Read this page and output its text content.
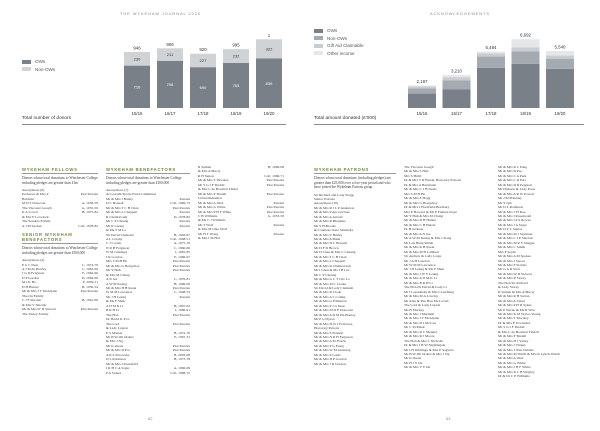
THE WYKEHAM JOURNAL 2020
OWs
Non-OWs
716
230
946
15/16
798
211
906
16/17
690
227
920
17/18
763
232
995
18/19
839
322
1
19/20
Total number of donors
WYKEHAM FELLOWS
Donors whose total donations to Winchester College including pledges are greater than £1m
Anonymous (6)
Professor & Mrs P	Past Parents
Baldwin
M D S Donovan	A, 1956-59
The Viscount Gough	G, 1955-59
K A Lovett	B, 1975-82
& Mrs E Lovelock
The Sanders Family
A J M Spokes	Coll, 1978-82
SENIOR WYKEHAM BENEFACTORS
Donors whose total donations to Winchester College including pledges are greater than £500,000
Anonymous (2)
P G C Dear	C, 1974-79
A J M du Boulay	C, 1963-66
J G D Ferguson	E, 1962-66
D P Gordon	D, 1964-69
M J K Ho	F, 2009-11
D H Hunter	B, 1950-54
Mr & Mrs J T McAlpine	Past Parents
The Ou Family
C J F Sinclair	B, 1961-66
& Mrs V Sinclair
Mr & Mrs W D Stewart	Past Parents
The Varley Family
WYKEHAM BENEFACTORS
Donors whose total donations to Winchester College including pledges are greater than £100,000
Anonymous (7)
Al Gosaibi Sports Fund Committee
Mr & Mrs J Bailey	Parents
D C Bonsall	Coll, 1999-73
Mr & Mrs T C H Chan	Past Parents
Mr & Mrs L Chappell	Parents
R Chatikavanij	D, 1978-82
Mr C P Cheung	Parents
Mr R Chong	Parents
& Ms T M Lo
Sir David Clementi	B, 1962-67
A L Colahy	Coll, 1948-51
C J Corner	A, 1975-79
N R H Ferguson	C, 1960-66
W M Ginsberg	I, 1981-85
J R Gordon	E, 1966-67
Mrs S M H Ho	Past Parents
Mr & Mrs G Hongchoy	Past Parents
Mr Y Huh	Past Parents
& Mrs M Chung
A N Jee	C, 1976-81
A W M Kuang	B, 1996-00
Mr & Mrs H H Kuok	Past Parents
W M M Lawrence	C, 1948-53
Mr J H Leung	Parents
& Ms F Shek
A D M K Li	B, 1997-02
B R H Li	I, 1986-91
The Hon	Past Parents
Dr David K P Li
The Lord	Past Parents
& Lady Lupton
E S Manser	B, 1972-76
Mr B W-Oh Orders	E, 1967-72
& Mrs J Ng
Mr K Ouala	Past Parents
Mr & Mrs D Poi	Past Parents
A R Z Potowsky	B, 2002-08
D L Robinson	B, 1973-78
Mr & Mrs I Rosenfeld
J R H C A Sager	A, 1966-69
P A Stokes	Coll, 1968-72
R Sumak	H, 1999-08
& Mrs A Mucty
R H Sutton	Coll, 1966-71
Mr & Mrs T Thwaley	Past Parents
Mr S G I F Tindall	Past Parents
& Mrs C de Bowmal Tindal
Mr & Mrs P Tindall	Past Parents
Usbweimansthal
Mr & Mrs A West	Parents
Mr & Mrs G White	Past Parents
Mr & Mrs P H F White	Past Parents
C B Williams	G, 1953-58
& Ms C J Williams
Mr T Wolf	Parents
& Mrs M Chie-Wolf
Mr H T Wong	Parents
& Mrs I M Hui
62
ACKNOWLEDGEMENTS
OWs
Non-OWs
Gift Aid Claimable
Other income
2,197
15/16
3,210
16/17
5,484
17/18
6,692
18/19
5,540
19/20
Total amount donated (£'000)
WYKEHAM PATRONS
Donors whose total donations (including pledges) are greater than £25,000 over a five-year period and who have joined the Wykeham Patrons group
Sir Richard and Lady Stagg,
Senior Patrons
Anonymous (16)
Mr & Mrs R J L P Anderson
Mr & Mrs P Apcovicluas
Mr & Mrs A Arnold
Mr & Mrs R Bhoptika
Mr S H Brooks
& Countess Ilona Sitteltzky
Mr & Mrs V Bulley
Mr & Mrs A Bunn
Mr & Mrs D C Bonsall
Mr D F D Brown
Mr D Chan & Mrs C Cheung
Mr & Mrs T C H Chan
Mr & Mrs L Chappell
Mr & Mrs R Chatikavanij
Mr I Chen & Ms I H Lee
Mr C P Cheung
Mr & Mrs G C T Cho Lo
Mr & Mrs M C Clarke
Sir David & Lady Clementi
Mr & Mrs R Clode
Mr & Mrs A L Colahy
Mr & Mrs G Edmiston
Mr & Mrs P J G Dear
Mr & Mrs M D E Donovan
Mr & Mrs A D M Du Boulay
Mr P G Dyson
Mr & Mrs D W J Fellowes,
Honorary Patrons
Mr & Mrs S Fennell
Mr & Mrs N R H Ferguson
Mr & Mrs A M Fforde
Mr & Mrs P G Frang
Mr & Mrs W M Ginsberg
Mr & Mrs P Golds
Mr & Mrs D P Gordon
Mr & Mrs J R Gordon
The Viscount Gough
Mr & Mrs S Hall
Mrs S Hubb
Dr & Mrs T R Hands, Honorary Patrons
Dr & Mrs A Hartmann
Mr & Mrs C J H Neale
Mrs S M H Ho
Mr & Mrs E Hogg
Mr & Mrs G Hongchoy
Dr & Mrs J Hornfield-Bradbury
Mrs E Howard & Mr E Fishers-Doye
Mr Y Huh & Mrs M Chung
Mr & Mrs D H Hunter
Mr & Mrs C H Hurrie
Dr H Jackson
Mr & Mrs A N Jee
Mr A W-M Kuang & Mrs J Kong
Mr Lok Hang Walsh
Mr & Mrs K H Kuok
Mr & Mrs M H Lambert
Sir Andrew & Lady Large
Mr J A H Lawdon
Mr W M M Lawrence
Mr J H Leung & Ms F Shek
Mr & Mrs J W Y Leung
Mr & Mrs A D M-K Li
Mr & Mrs B R H Li
The Hon Dr David & Lady Li
Mr I Lopatinsky & Mrs I Landberg
Mr & Mrs M A Lovelay
Mr Alan & The Hon Ms Lovell
The Lord & Lady Lupton
Ms B Mackay
Mr & Mrs J Marshall
Mr & Mrs J T McAlpine
Mr & Mrs D I McCaw
Mr C M Meek
Mr & Mrs R C Mendel
Mr & Mrs R J Moore
The Hon & Mrs C Nicholls
Dr & Mrs J B W Nightingale
Mr I H Odulinga & Mrs E Sagiotto
Mr B W-Oh Orders & Mrs J Ng
Mr K Ouala
Mr H J Y Ou
Mr & Mrs V Y Ou
Mr & Mrs R C Pang
Mr & Mrs D Pao
Mr & Mrs C A Park
Mr & Mrs C R Parr
Mr & Mrs D R Peppiatt
Mr Dickson & Lady Poon
Mr & Mrs A R W Powell
Mr J M Priestley
Mr Y Qin
Mr D L Robinson
Mr & Mrs J Ff Roe
Mr & Mrs I Rosenwald
Mr & Mrs I P S Rowse
Mr & Mrs J A Sager
Mr D T C Santos
Mr & Mrs M J Seymour
Mr & Mrs C J P Sinclair
Mr & Mrs M R S Slugger
Mr & Mrs C Smith
Mrs P Sophi
Mr & Mrs A M Spokes
Mr & Mrs J Spoon
Mr & Mrs F Stables
Mr G A R Stott
Mr & Mrs W D Stewart
Mr & Mrs R Storey
The Hon Sir Richard
& Lady Storey
R Sumak & Mrs A Mucty
Mr & Mrs R H Sutton
Mr & Mrs A Sykes
Mr & Mrs P H D Sykes
Mr P Tarrak & Ms R Wan
Mr & Mrs K M Taylor-Young
Mr & Mrs T Thwaley
Dr & Mrs P Townsend
Mr S G I F Tindall
& Mrs C de Bowmal Tindall
Mr & Mrs P Tindall
Mr & Mrs D J Varley
Mr & Mrs J Vinney
Mr & Mrs J Wan Nabilie
Mr & Mrs M Walsh & Mrs K Lynch-Walsh
Mr & Mrs A West
Mr & Mrs G White
Mr & Mrs J H F White
Mr & Mrs R C B Wrigley
Dr & Dr C P Williams
63
